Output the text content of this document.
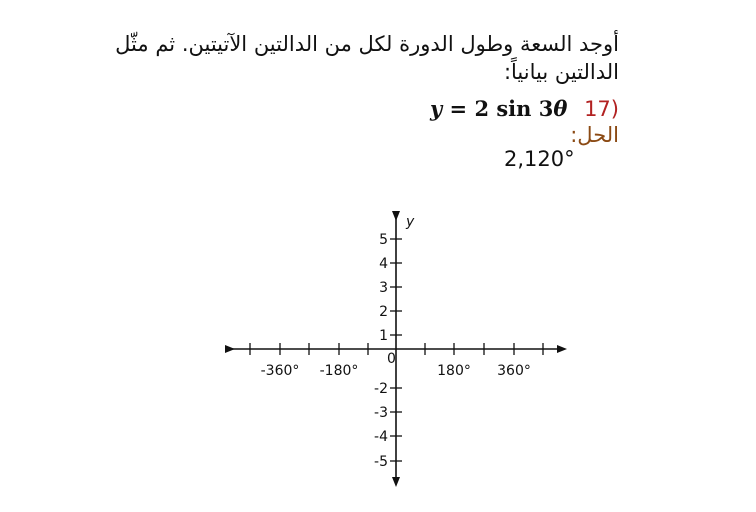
أوجد السعة وطول الدورة لكل من الدالتين الآتيتين. ثم مثّل الدالتين بيانياً:
(17 y = 2 sin 3θ
الحل:
2,120°
y
0
-360° -180°	180° 360°
5
4
3
2
1
-2
-3
-4
-5
